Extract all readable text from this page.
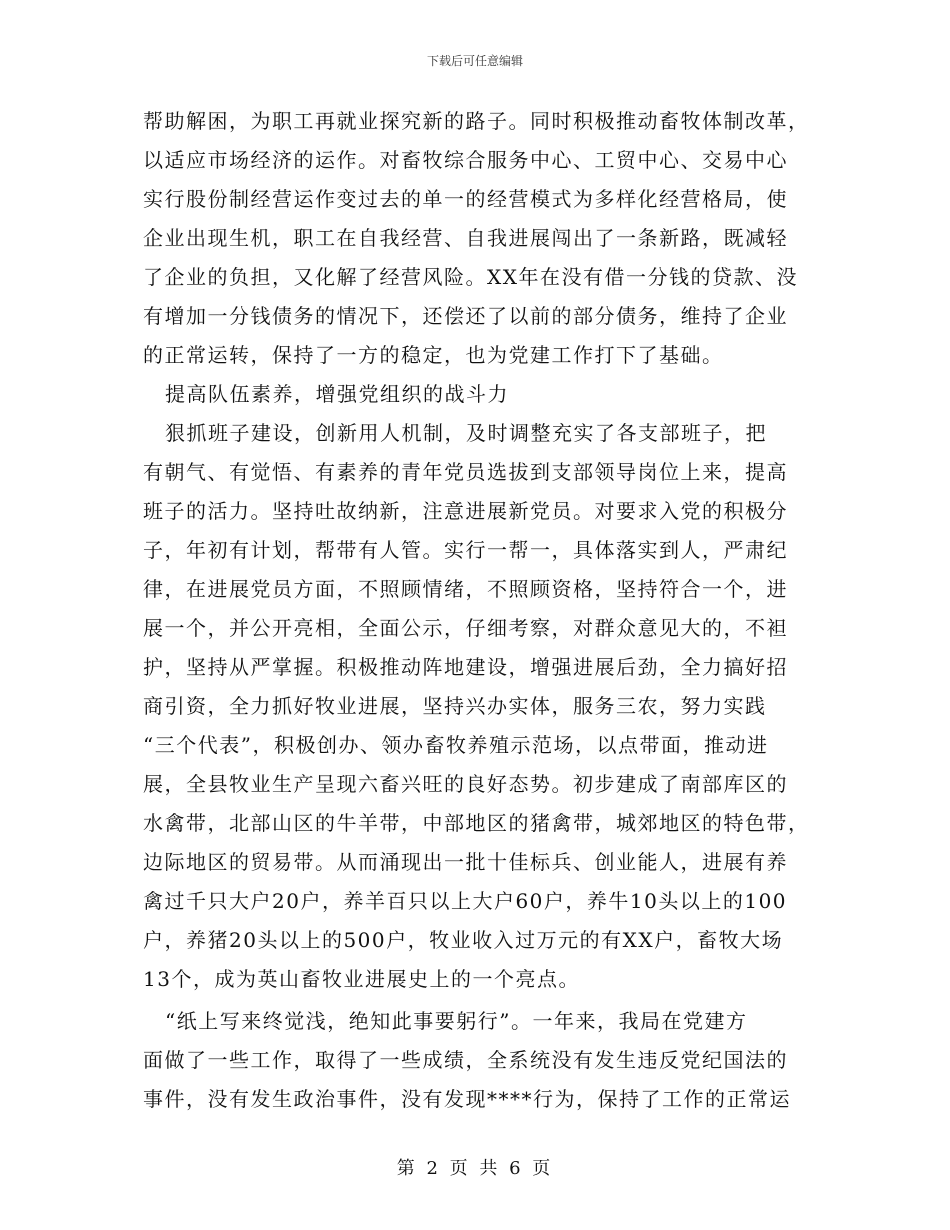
下载后可任意编辑
帮助解困，为职工再就业探究新的路子。同时积极推动畜牧体制改革，
以适应市场经济的运作。对畜牧综合服务中心、工贸中心、交易中心
实行股份制经营运作变过去的单一的经营模式为多样化经营格局，使
企业出现生机，职工在自我经营、自我进展闯出了一条新路，既减轻
了企业的负担，又化解了经营风险。XX年在没有借一分钱的贷款、没
有增加一分钱债务的情况下，还偿还了以前的部分债务，维持了企业
的正常运转，保持了一方的稳定，也为党建工作打下了基础。
提高队伍素养，增强党组织的战斗力
狠抓班子建设，创新用人机制，及时调整充实了各支部班子，把
有朝气、有觉悟、有素养的青年党员选拔到支部领导岗位上来，提高
班子的活力。坚持吐故纳新，注意进展新党员。对要求入党的积极分
子，年初有计划，帮带有人管。实行一帮一，具体落实到人，严肃纪
律，在进展党员方面，不照顾情绪，不照顾资格，坚持符合一个，进
展一个，并公开亮相，全面公示，仔细考察，对群众意见大的，不袒
护，坚持从严掌握。积极推动阵地建设，增强进展后劲，全力搞好招
商引资，全力抓好牧业进展，坚持兴办实体，服务三农，努力实践
“三个代表”，积极创办、领办畜牧养殖示范场，以点带面，推动进
展，全县牧业生产呈现六畜兴旺的良好态势。初步建成了南部库区的
水禽带，北部山区的牛羊带，中部地区的猪禽带，城郊地区的特色带，
边际地区的贸易带。从而涌现出一批十佳标兵、创业能人，进展有养
禽过千只大户20户，养羊百只以上大户60户，养牛10头以上的100
户，养猪20头以上的500户，牧业收入过万元的有XX户，畜牧大场
13个，成为英山畜牧业进展史上的一个亮点。
“纸上写来终觉浅，绝知此事要躬行”。一年来，我局在党建方
面做了一些工作，取得了一些成绩，全系统没有发生违反党纪国法的
事件，没有发生政治事件，没有发现****行为，保持了工作的正常运
第 2 页 共 6 页
